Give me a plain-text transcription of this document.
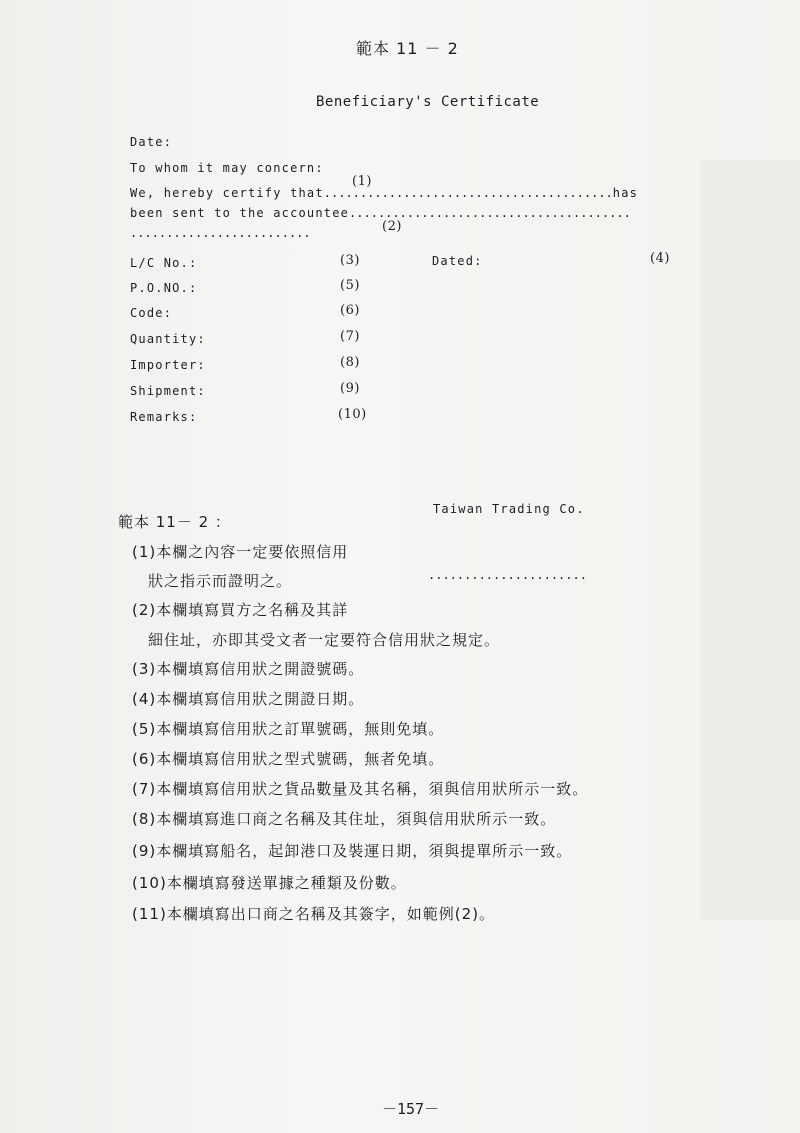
範本 11 － 2
Beneficiary's Certificate
Date:
To whom it may concern:
(1)
We, hereby certify that........................................has
been sent to the accountee.......................................
.........................	(2)
L/C No.:	(3)	Dated:	(4)
P.O.NO.:	(5)
Code:	(6)
Quantity:	(7)
Importer:	(8)
Shipment:	(9)
Remarks:	(10)
Taiwan Trading Co.
......................
範本 11－ 2 ：
(1)本欄之內容一定要依照信用
狀之指示而證明之。
(2)本欄填寫買方之名稱及其詳
細住址，亦即其受文者一定要符合信用狀之規定。
(3)本欄填寫信用狀之開證號碼。
(4)本欄填寫信用狀之開證日期。
(5)本欄填寫信用狀之訂單號碼，無則免填。
(6)本欄填寫信用狀之型式號碼，無者免填。
(7)本欄填寫信用狀之貨品數量及其名稱，須與信用狀所示一致。
(8)本欄填寫進口商之名稱及其住址，須與信用狀所示一致。
(9)本欄填寫船名，起卸港口及裝運日期，須與提單所示一致。
(10)本欄填寫發送單據之種類及份數。
(11)本欄填寫出口商之名稱及其簽字，如範例(2)。
－157－
